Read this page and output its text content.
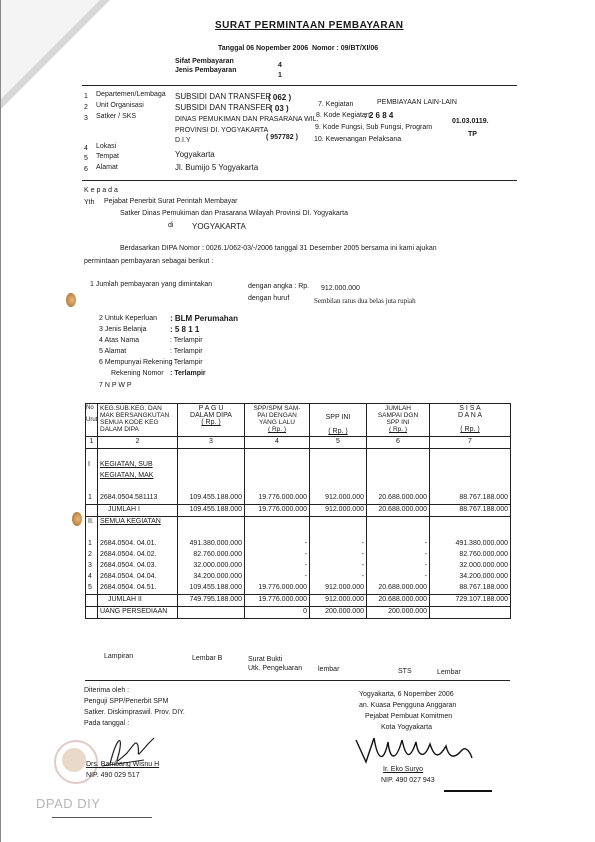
SURAT PERMINTAAN PEMBAYARAN
Tanggal 06 Nopember 2006 Nomor : 09/BT/XI/06
Sifat Pembayaran
4
Jenis Pembayaran
1
1 Departemen/Lembaga SUBSIDI DAN TRANSFER
( 062 )
2 Unit Organisasi	SUBSIDI DAN TRANSFER
( 03 )
3 Satker / SKS	DINAS PEMUKIMAN DAN PRASARANA WIL.
PROVINSI DI. YOGYAKARTA
D.I.Y	( 957782 )
4 Lokasi
5 Tempat	Yogyakarta
6 Alamat	Jl. Bumijo 5 Yogyakarta
7. Kegiatan	PEMBIAYAAN LAIN-LAIN
8. Kode Kegiatan
: 2 6 8 4
9. Kode Fungsi, Sub Fungsi, Program
01.03.0119.
TP
10. Kewenangan Pelaksana
K e p a d a
Yth Pejabat Penerbit Surat Perintah Membayar
Satker Dinas Pemukiman dan Prasarana Wilayah Provinsi DI. Yogyakarta
di YOGYAKARTA
Berdasarkan DIPA Nomor : 0026.1/062-03/-/2006 tanggal 31 Desember 2005 bersama ini kami ajukan
permintaan pembayaran sebagai berikut :
1 Jumlah pembayaran yang dimintakan	dengan angka : Rp. 912.000.000
dengan huruf	Sembilan ratus dua belas juta rupiah
2 Untuk Keperluan : BLM Perumahan
3 Jenis Belanja	: 5 8 1 1
4 Atas Nama	: Terlampir
5 Alamat	: Terlampir
6 Mempunyai Rekening
: Terlampir
Rekening Nomor : Terlampir
7 N P W P
No

Urut	KEG.SUB.KEG. DAN MAK BERSANGKUTAN SEMUA KODE KEG DALAM DIPA	P A G U
DALAM DIPA
( Rp. )	SPP/SPM SAM-
PAI DENGAN
YANG LALU
( Rp. )	SPP INI

( Rp. )	JUMLAH
SAMPAI DGN
SPP INI
( Rp. )	S I S A
D A N A

( Rp. )
1	2	3	4	5	6	7

I	KEGIATAN, SUB					
	KEGIATAN, MAK					

1	2684.0504.581113	109.455.188.000	19.776.000.000	912.000.000	20.688.000.000	88.767.188.000
	JUMLAH I	109.455.188.000	19.776.000.000	912.000.000	20.688.000.000	88.767.188.000
II.	SEMUA KEGIATAN					

1	2684.0504. 04.01.	491.380.000.000	-	-	-	491.380.000.000
2	2684.0504. 04.02.	82.760.000.000	-	-	-	82.760.000.000
3	2684.0504. 04.03.	32.000.000.000	-	-	-	32.000.000.000
4	2684.0504. 04.04.	34.200.000.000	-	-	-	34.200.000.000
5	2684.0504. 04.51.	109.455.188.000	19.776.000.000	912.000.000	20.688.000.000	88.767.188.000
	JUMLAH II	749.795.188.000	19.776.000.000	912.000.000	20.688.000.000	729.107.188.000
	UANG PERSEDIAAN		0	200.000.000	200.000.000	
Lampiran	Lembar B	Surat Bukti
Utk. Pengeluaran lembar	STS	Lembar
Diterima oleh :
Penguji SPP/Penerbit SPM
Satker. Diskimpraswil. Prov. DIY.
Pada tanggal :
Drs. Bambang Wisnu H
NIP. 490 029 517
Yogyakarta, 6 Nopember 2006
an. Kuasa Pengguna Anggaran
Pejabat Pembuat Komitmen
Kota Yogyakarta
Ir. Eko Suryo
NIP. 490 027 943
DPAD DIY
